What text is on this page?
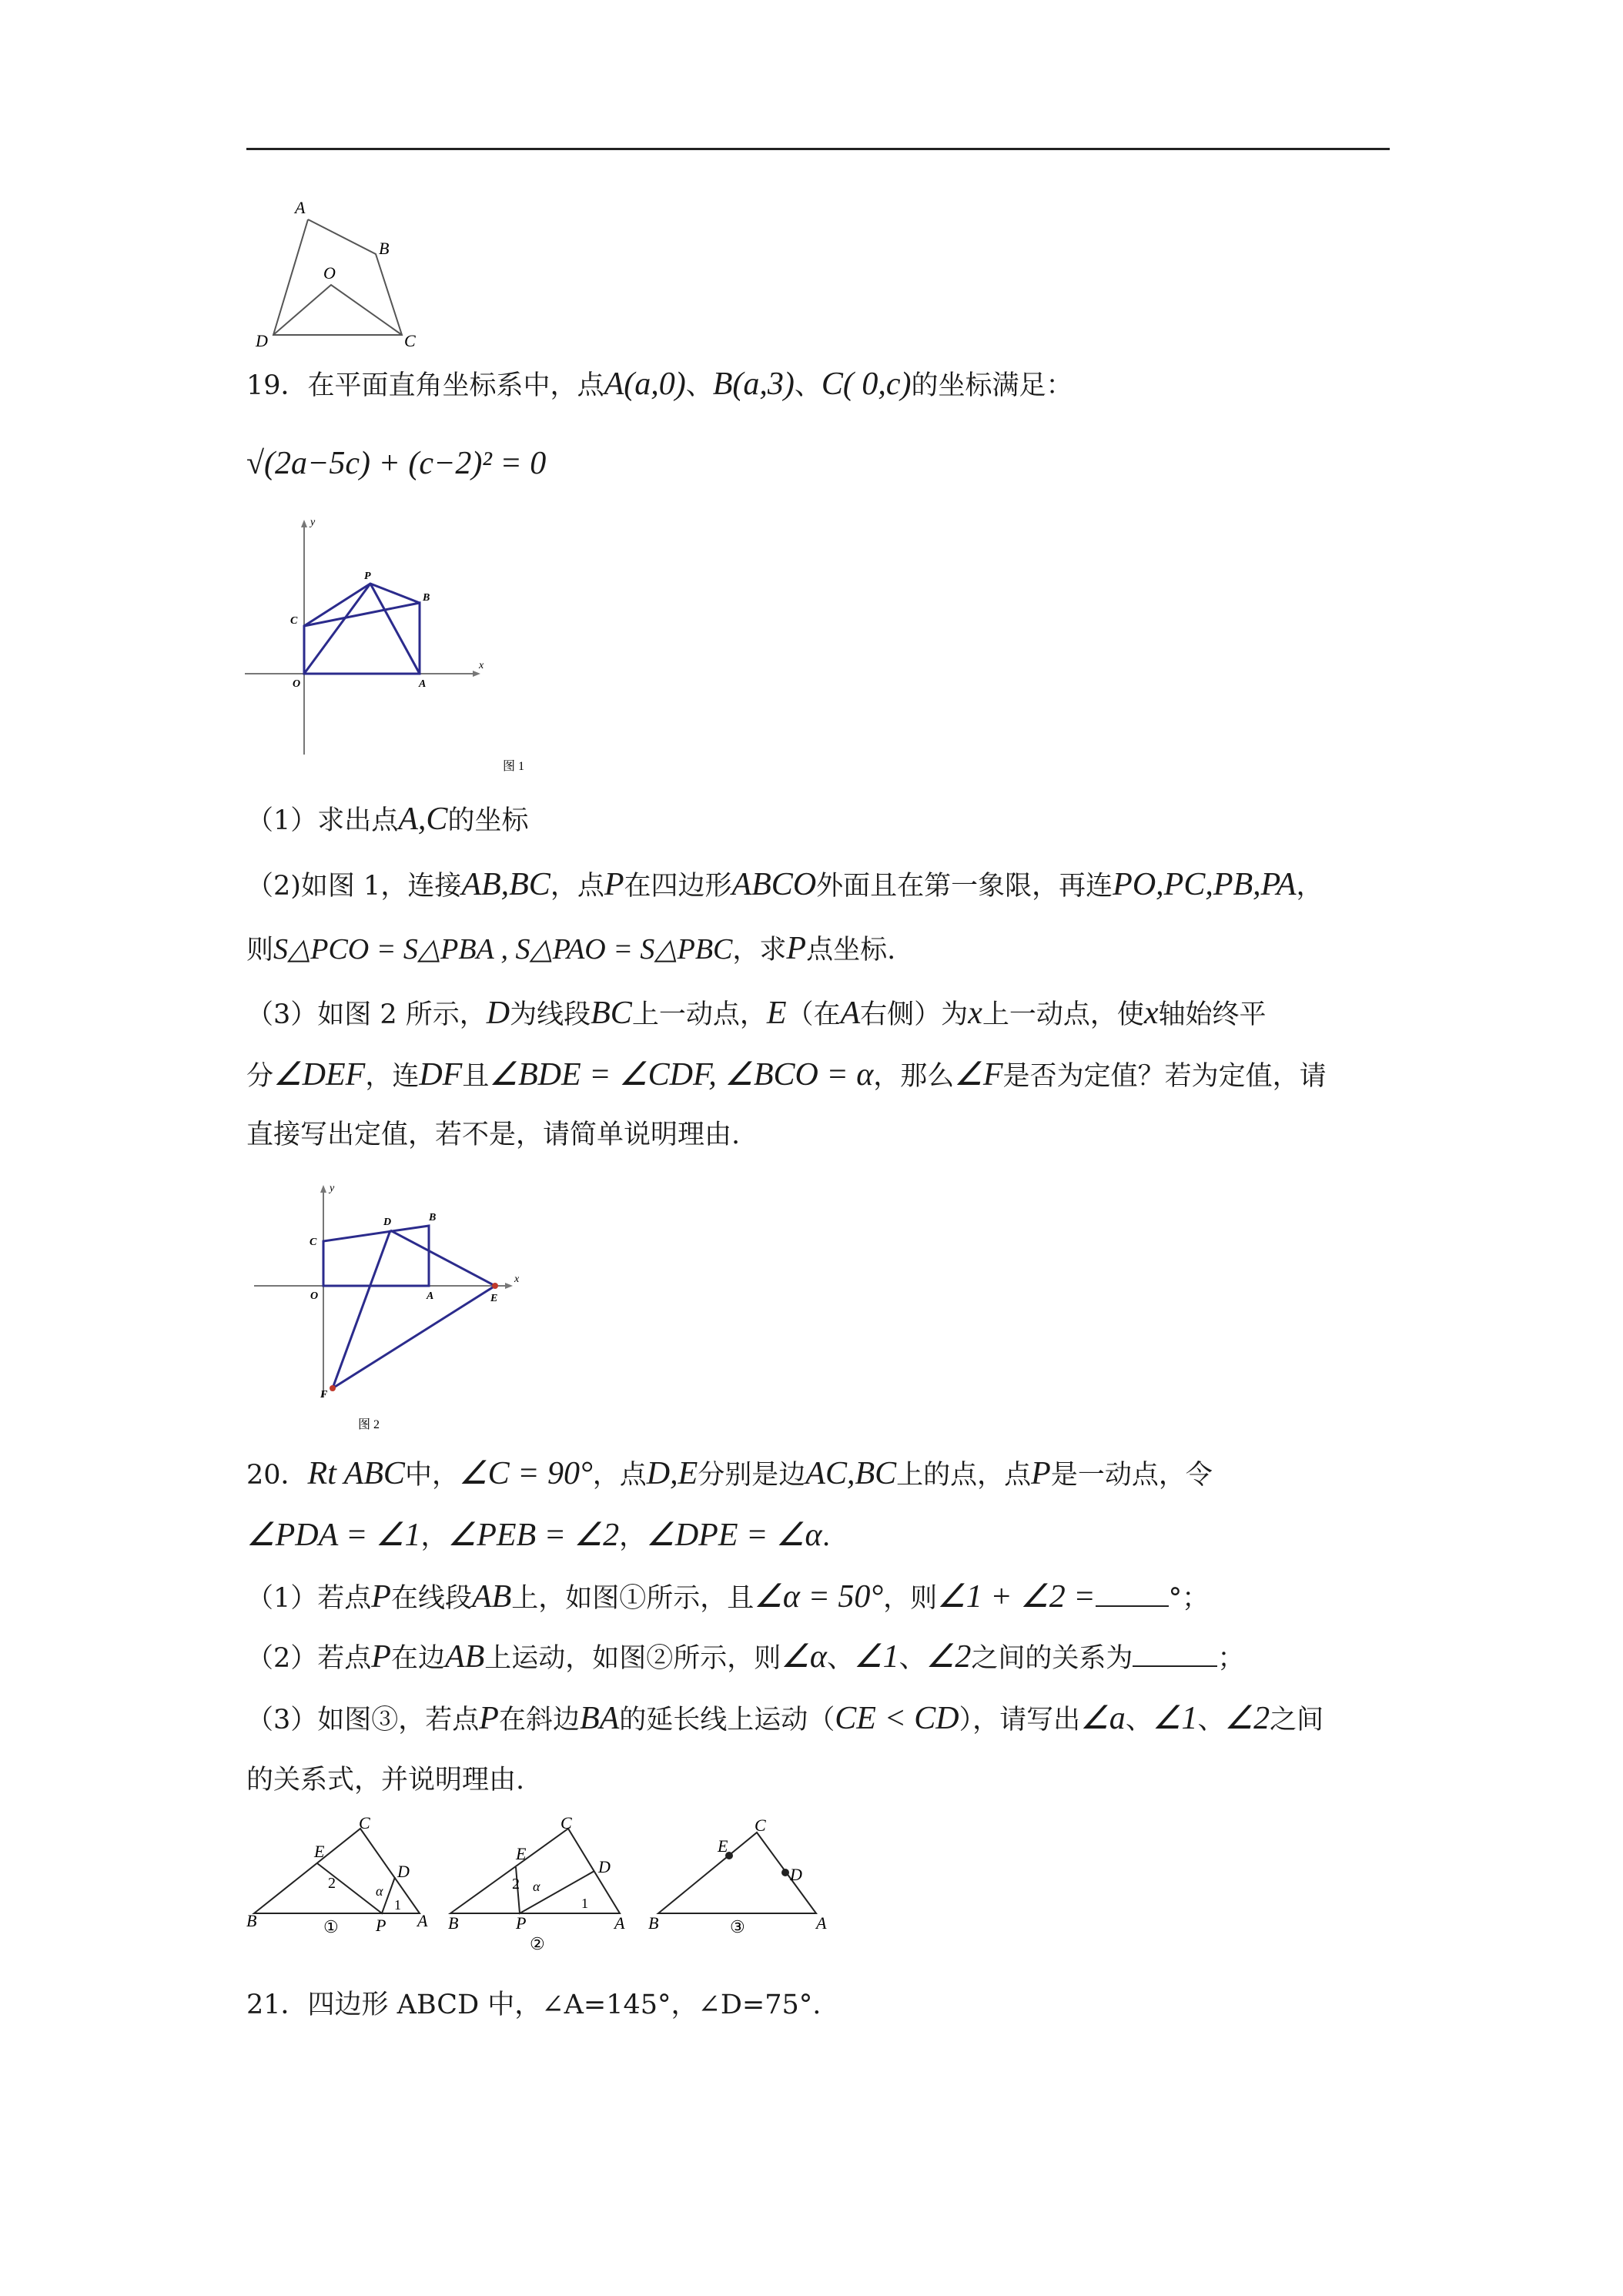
A
B
O
D	C
19．在平面直角坐标系中，点A(a,0)、B(a,3)、C( 0,c)的坐标满足：
√(2a−5c) + (c−2)² = 0
y
x
P
B
C
O	A
图 1
（1）求出点A,C的坐标
（2)如图 1，连接AB,BC，点P在四边形ABCO外面且在第一象限，再连PO,PC,PB,PA，
则S△PCO = S△PBA , S△PAO = S△PBC，求P点坐标.
（3）如图 2 所示，D为线段BC上一动点，E（在A右侧）为x上一动点，使x轴始终平
分∠DEF，连DF且∠BDE = ∠CDF, ∠BCO = α，那么∠F是否为定值？若为定值，请
直接写出定值，若不是，请简单说明理由.
y
x
D	B
C
O	A	E
F
图 2
20．Rt ABC中，∠C = 90°，点D,E分别是边AC,BC上的点，点P是一动点，令
∠PDA = ∠1，∠PEB = ∠2，∠DPE = ∠α.
（1）若点P在线段AB上，如图①所示，且∠α = 50°，则∠1 + ∠2 =	°；
（2）若点P在边AB上运动，如图②所示，则∠α、∠1、∠2之间的关系为	；
（3）如图③，若点P在斜边BA的延长线上运动（CE < CD），请写出∠a、∠1、∠2之间
的关系式，并说明理由.
C
E
D
B	P A
2	α
1
①
C
E
D
B	P	A
2 α
1
②
C
E
D
B	A
③
21．四边形 ABCD 中，∠A=145°，∠D=75°.
